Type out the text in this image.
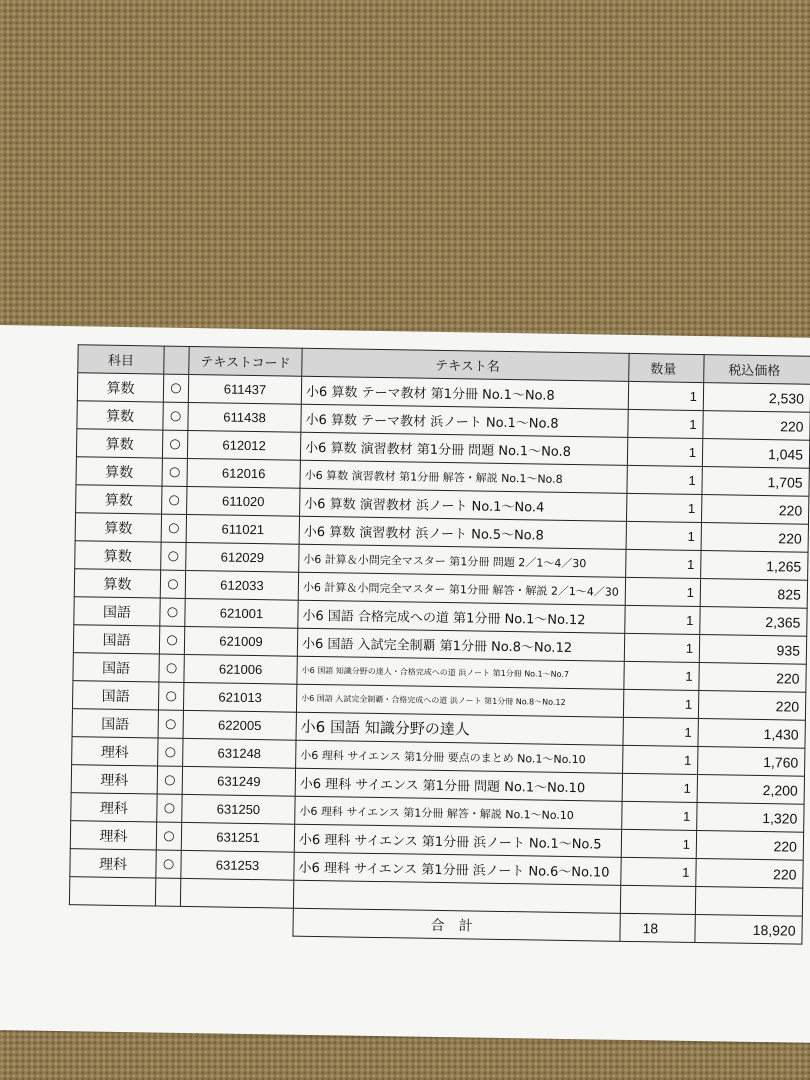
科目		テキストコード	テキスト名	数量	税込価格
算数	○	611437	小6 算数 テーマ教材 第1分冊 No.1～No.8	1	2,530
算数	○	611438	小6 算数 テーマ教材 浜ノート No.1～No.8	1	220
算数	○	612012	小6 算数 演習教材 第1分冊 問題 No.1～No.8	1	1,045
算数	○	612016	小6 算数 演習教材 第1分冊 解答・解説 No.1～No.8	1	1,705
算数	○	611020	小6 算数 演習教材 浜ノート No.1～No.4	1	220
算数	○	611021	小6 算数 演習教材 浜ノート No.5～No.8	1	220
算数	○	612029	小6 計算＆小問完全マスター 第1分冊 問題 2／1～4／30	1	1,265
算数	○	612033	小6 計算＆小問完全マスター 第1分冊 解答・解説 2／1～4／30	1	825
国語	○	621001	小6 国語 合格完成への道 第1分冊 No.1～No.12	1	2,365
国語	○	621009	小6 国語 入試完全制覇 第1分冊 No.8～No.12	1	935
国語	○	621006	小6 国語 知識分野の達人・合格完成への道 浜ノート 第1分冊 No.1～No.7	1	220
国語	○	621013	小6 国語 入試完全制覇・合格完成への道 浜ノート 第1分冊 No.8～No.12	1	220
国語	○	622005	小6 国語 知識分野の達人	1	1,430
理科	○	631248	小6 理科 サイエンス 第1分冊 要点のまとめ No.1～No.10	1	1,760
理科	○	631249	小6 理科 サイエンス 第1分冊 問題 No.1～No.10	1	2,200
理科	○	631250	小6 理科 サイエンス 第1分冊 解答・解説 No.1～No.10	1	1,320
理科	○	631251	小6 理科 サイエンス 第1分冊 浜ノート No.1～No.5	1	220
理科	○	631253	小6 理科 サイエンス 第1分冊 浜ノート No.6～No.10	1	220

			合計	18	18,920
